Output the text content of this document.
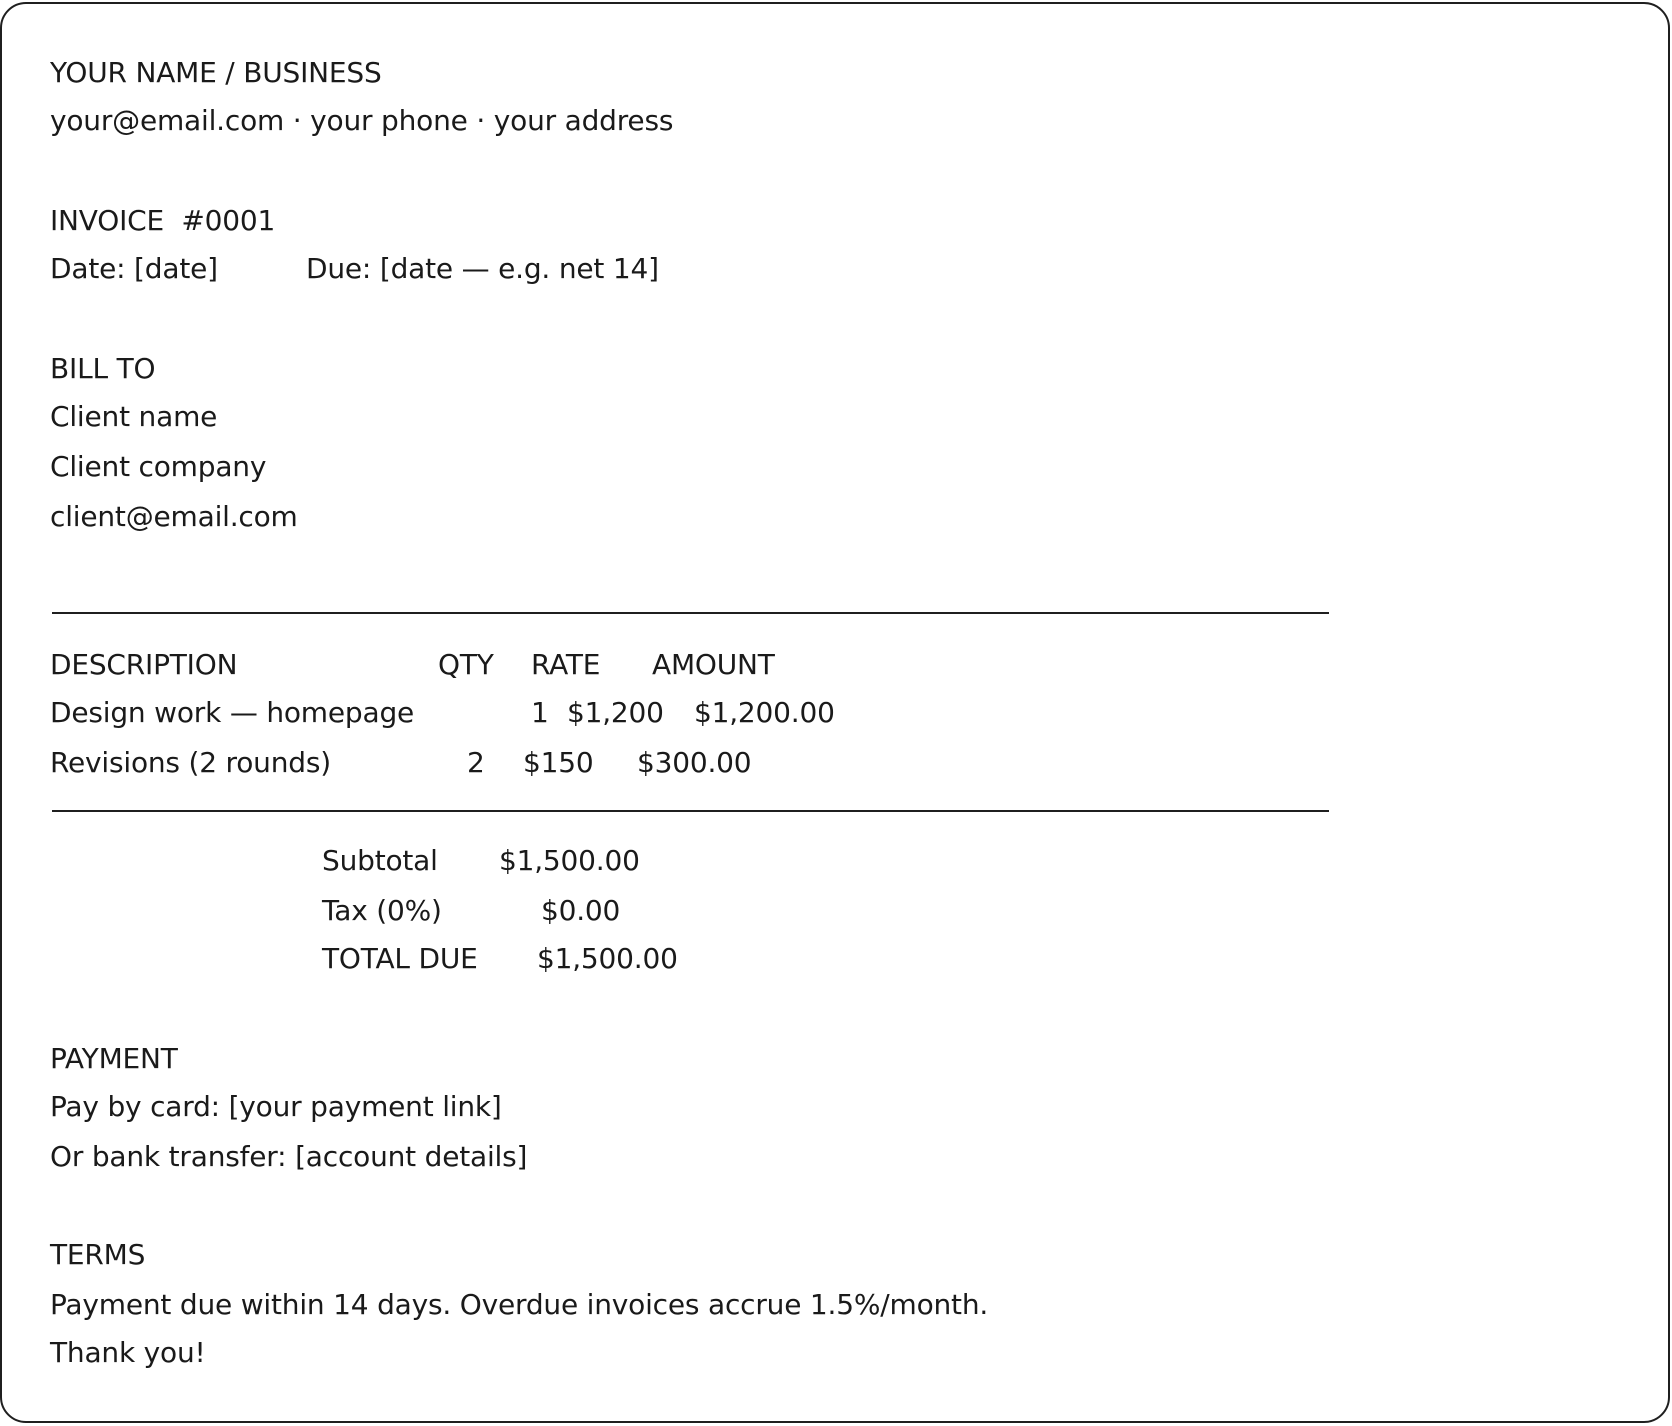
YOUR NAME / BUSINESS
your@email.com · your phone · your address
INVOICE  #0001
Date: [date]	Due: [date — e.g. net 14]
BILL TO
Client name
Client company
client@email.com
DESCRIPTION	QTY RATE AMOUNT
Design work — homepage	1 $1,200 $1,200.00
Revisions (2 rounds)	2 $150 $300.00
Subtotal $1,500.00
Tax (0%)	$0.00
TOTAL DUE $1,500.00
PAYMENT
Pay by card: [your payment link]
Or bank transfer: [account details]
TERMS
Payment due within 14 days. Overdue invoices accrue 1.5%/month.
Thank you!
